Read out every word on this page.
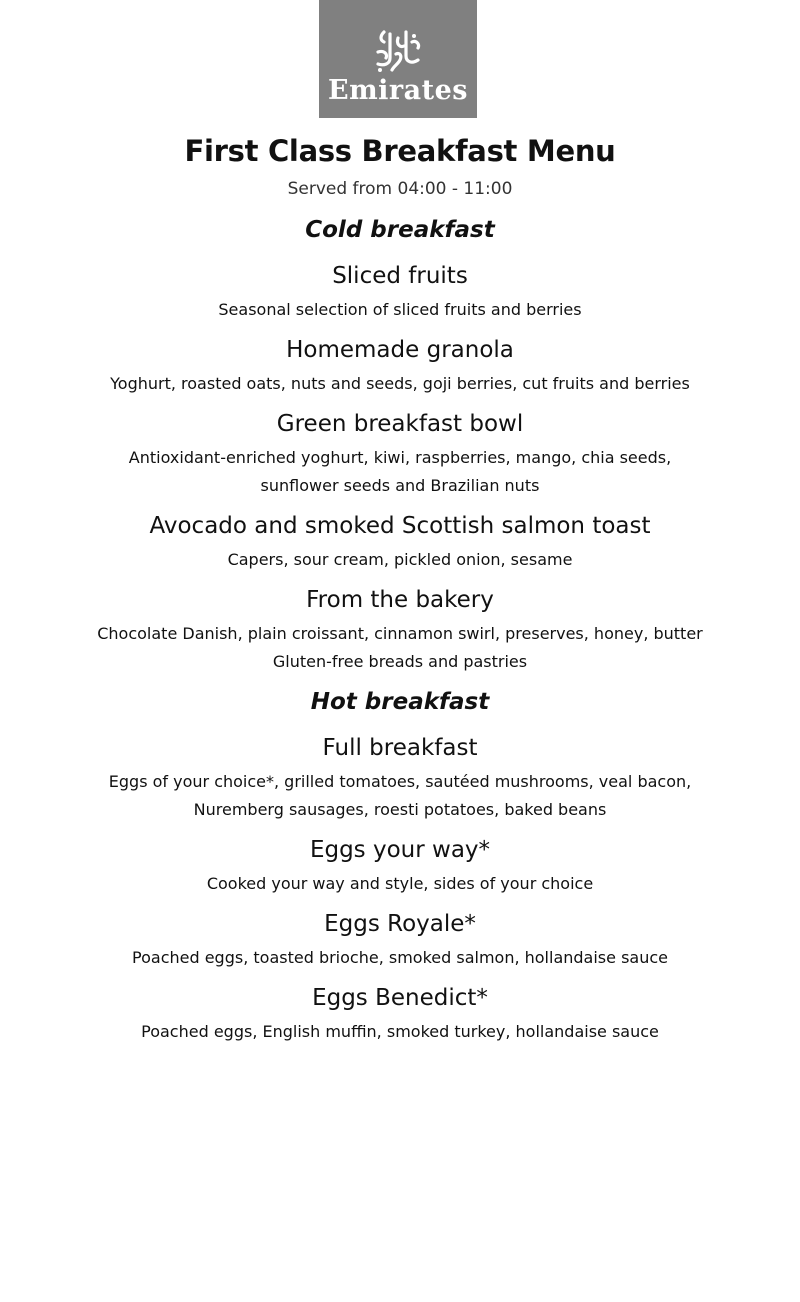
Emirates
First Class Breakfast Menu

Served from 04:00 - 11:00

Cold breakfast

Sliced fruits

Seasonal selection of sliced fruits and berries

Homemade granola

Yoghurt, roasted oats, nuts and seeds, goji berries, cut fruits and berries

Green breakfast bowl

Antioxidant-enriched yoghurt, kiwi, raspberries, mango, chia seeds,
sunflower seeds and Brazilian nuts

Avocado and smoked Scottish salmon toast

Capers, sour cream, pickled onion, sesame

From the bakery

Chocolate Danish, plain croissant, cinnamon swirl, preserves, honey, butter
Gluten-free breads and pastries

Hot breakfast

Full breakfast

Eggs of your choice*, grilled tomatoes, sautéed mushrooms, veal bacon,
Nuremberg sausages, roesti potatoes, baked beans

Eggs your way*

Cooked your way and style, sides of your choice

Eggs Royale*

Poached eggs, toasted brioche, smoked salmon, hollandaise sauce

Eggs Benedict*

Poached eggs, English muffin, smoked turkey, hollandaise sauce
